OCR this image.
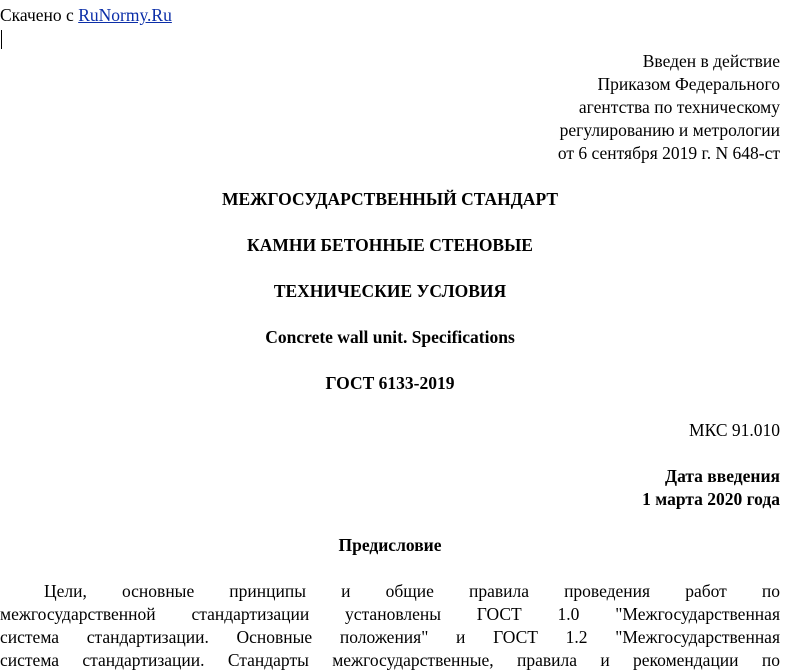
Скачено с RuNormy.Ru
Введен в действие
Приказом Федерального
агентства по техническому
регулированию и метрологии
от 6 сентября 2019 г. N 648-ст
МЕЖГОСУДАРСТВЕННЫЙ СТАНДАРТ
КАМНИ БЕТОННЫЕ СТЕНОВЫЕ
ТЕХНИЧЕСКИЕ УСЛОВИЯ
Concrete wall unit. Specifications
ГОСТ 6133-2019
МКС 91.010
Дата введения
1 марта 2020 года
Предисловие
Цели, основные принципы и общие правила проведения работ по
межгосударственной стандартизации установлены ГОСТ 1.0 "Межгосударственная
система стандартизации. Основные положения" и ГОСТ 1.2 "Межгосударственная
система стандартизации. Стандарты межгосударственные, правила и рекомендации по
